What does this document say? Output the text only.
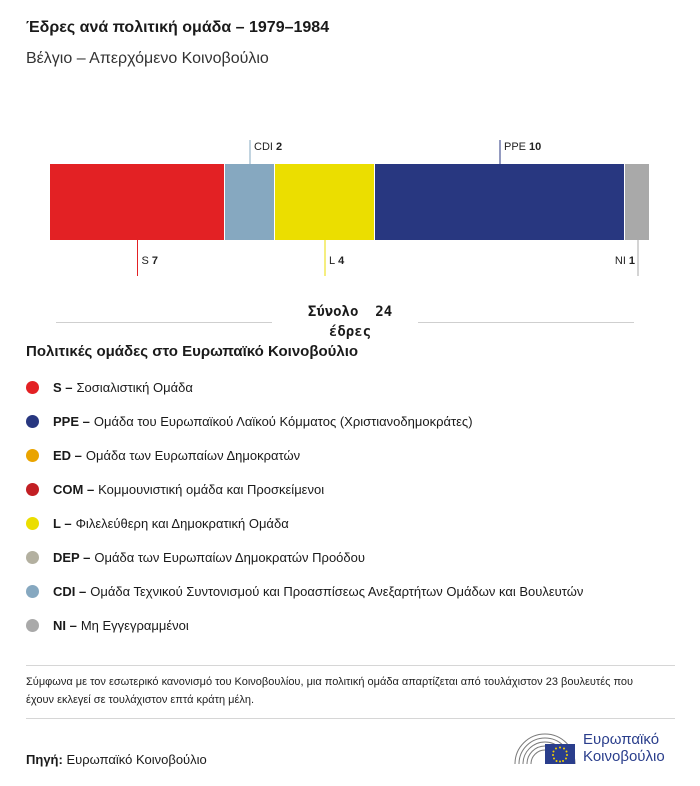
Έδρες ανά πολιτική ομάδα – 1979–1984
Βέλγιο – Απερχόμενο Κοινοβούλιο
S 7
CDI 2
L 4
PPE 10
NI 1
Σύνολο 24
έδρες
Πολιτικές ομάδες στο Ευρωπαϊκό Κοινοβούλιο
S – Σοσιαλιστική Ομάδα
PPE – Ομάδα του Ευρωπαϊκού Λαϊκού Κόμματος (Χριστιανοδημοκράτες)
ED – Ομάδα των Ευρωπαίων Δημοκρατών
COM – Κομμουνιστική ομάδα και Προσκείμενοι
L – Φιλελεύθερη και Δημοκρατική Ομάδα
DEP – Ομάδα των Ευρωπαίων Δημοκρατών Προόδου
CDI – Ομάδα Τεχνικού Συντονισμού και Προασπίσεως Ανεξαρτήτων Ομάδων και Βουλευτών
NI – Μη Εγγεγραμμένοι
Σύμφωνα με τον εσωτερικό κανονισμό του Κοινοβουλίου, μια πολιτική ομάδα απαρτίζεται από τουλάχιστον 23 βουλευτές που έχουν εκλεγεί σε τουλάχιστον επτά κράτη μέλη.
Πηγή: Ευρωπαϊκό Κοινοβούλιο
Ευρωπαϊκό
Κοινοβούλιο
